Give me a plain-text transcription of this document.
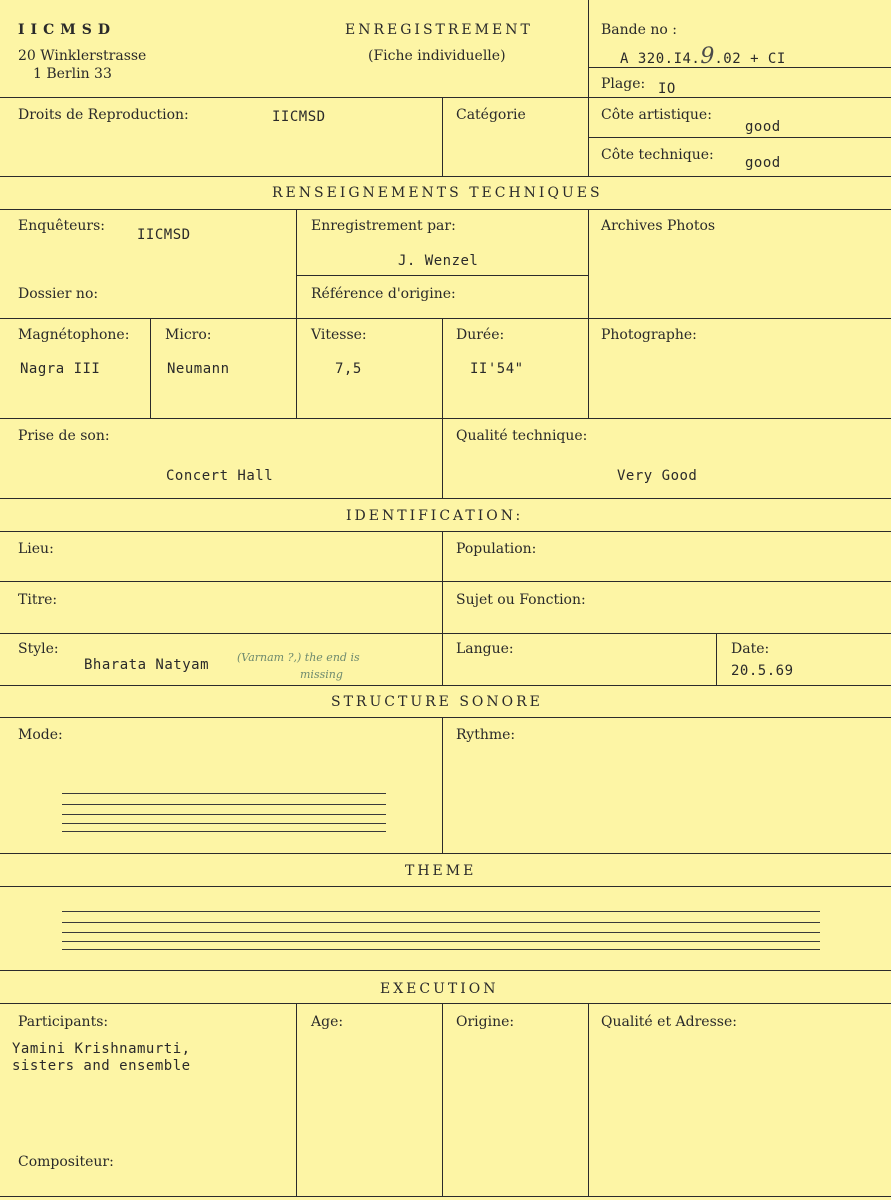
IICMSD
20 Winklerstrasse
1 Berlin 33
ENREGISTREMENT
(Fiche individuelle)
Bande no :
A 320.I4.9.02 + CI
Plage: IO
Droits de Reproduction:	IICMSD	Catégorie	Côte artistique:
good
Côte technique: good
RENSEIGNEMENTS TECHNIQUES
Enquêteurs:
IICMSD
Enregistrement par:
J. Wenzel
Archives Photos
Dossier no:	Référence d'origine:
Magnétophone:
Nagra III
Micro:
Neumann
Vitesse:
7,5
Durée:
II'54"
Photographe:
Prise de son:
Concert Hall
Qualité technique:
Very Good
IDENTIFICATION:
Lieu:	Population:
Titre:	Sujet ou Fonction:
Style:
Bharata Natyam	(Varnam ?,) the end is
missing
Langue:	Date:
20.5.69
STRUCTURE SONORE
Mode:	Rythme:
THEME
EXECUTION
Participants:
Yamini Krishnamurti,
sisters and ensemble
Age:	Origine:	Qualité et Adresse:
Compositeur:
